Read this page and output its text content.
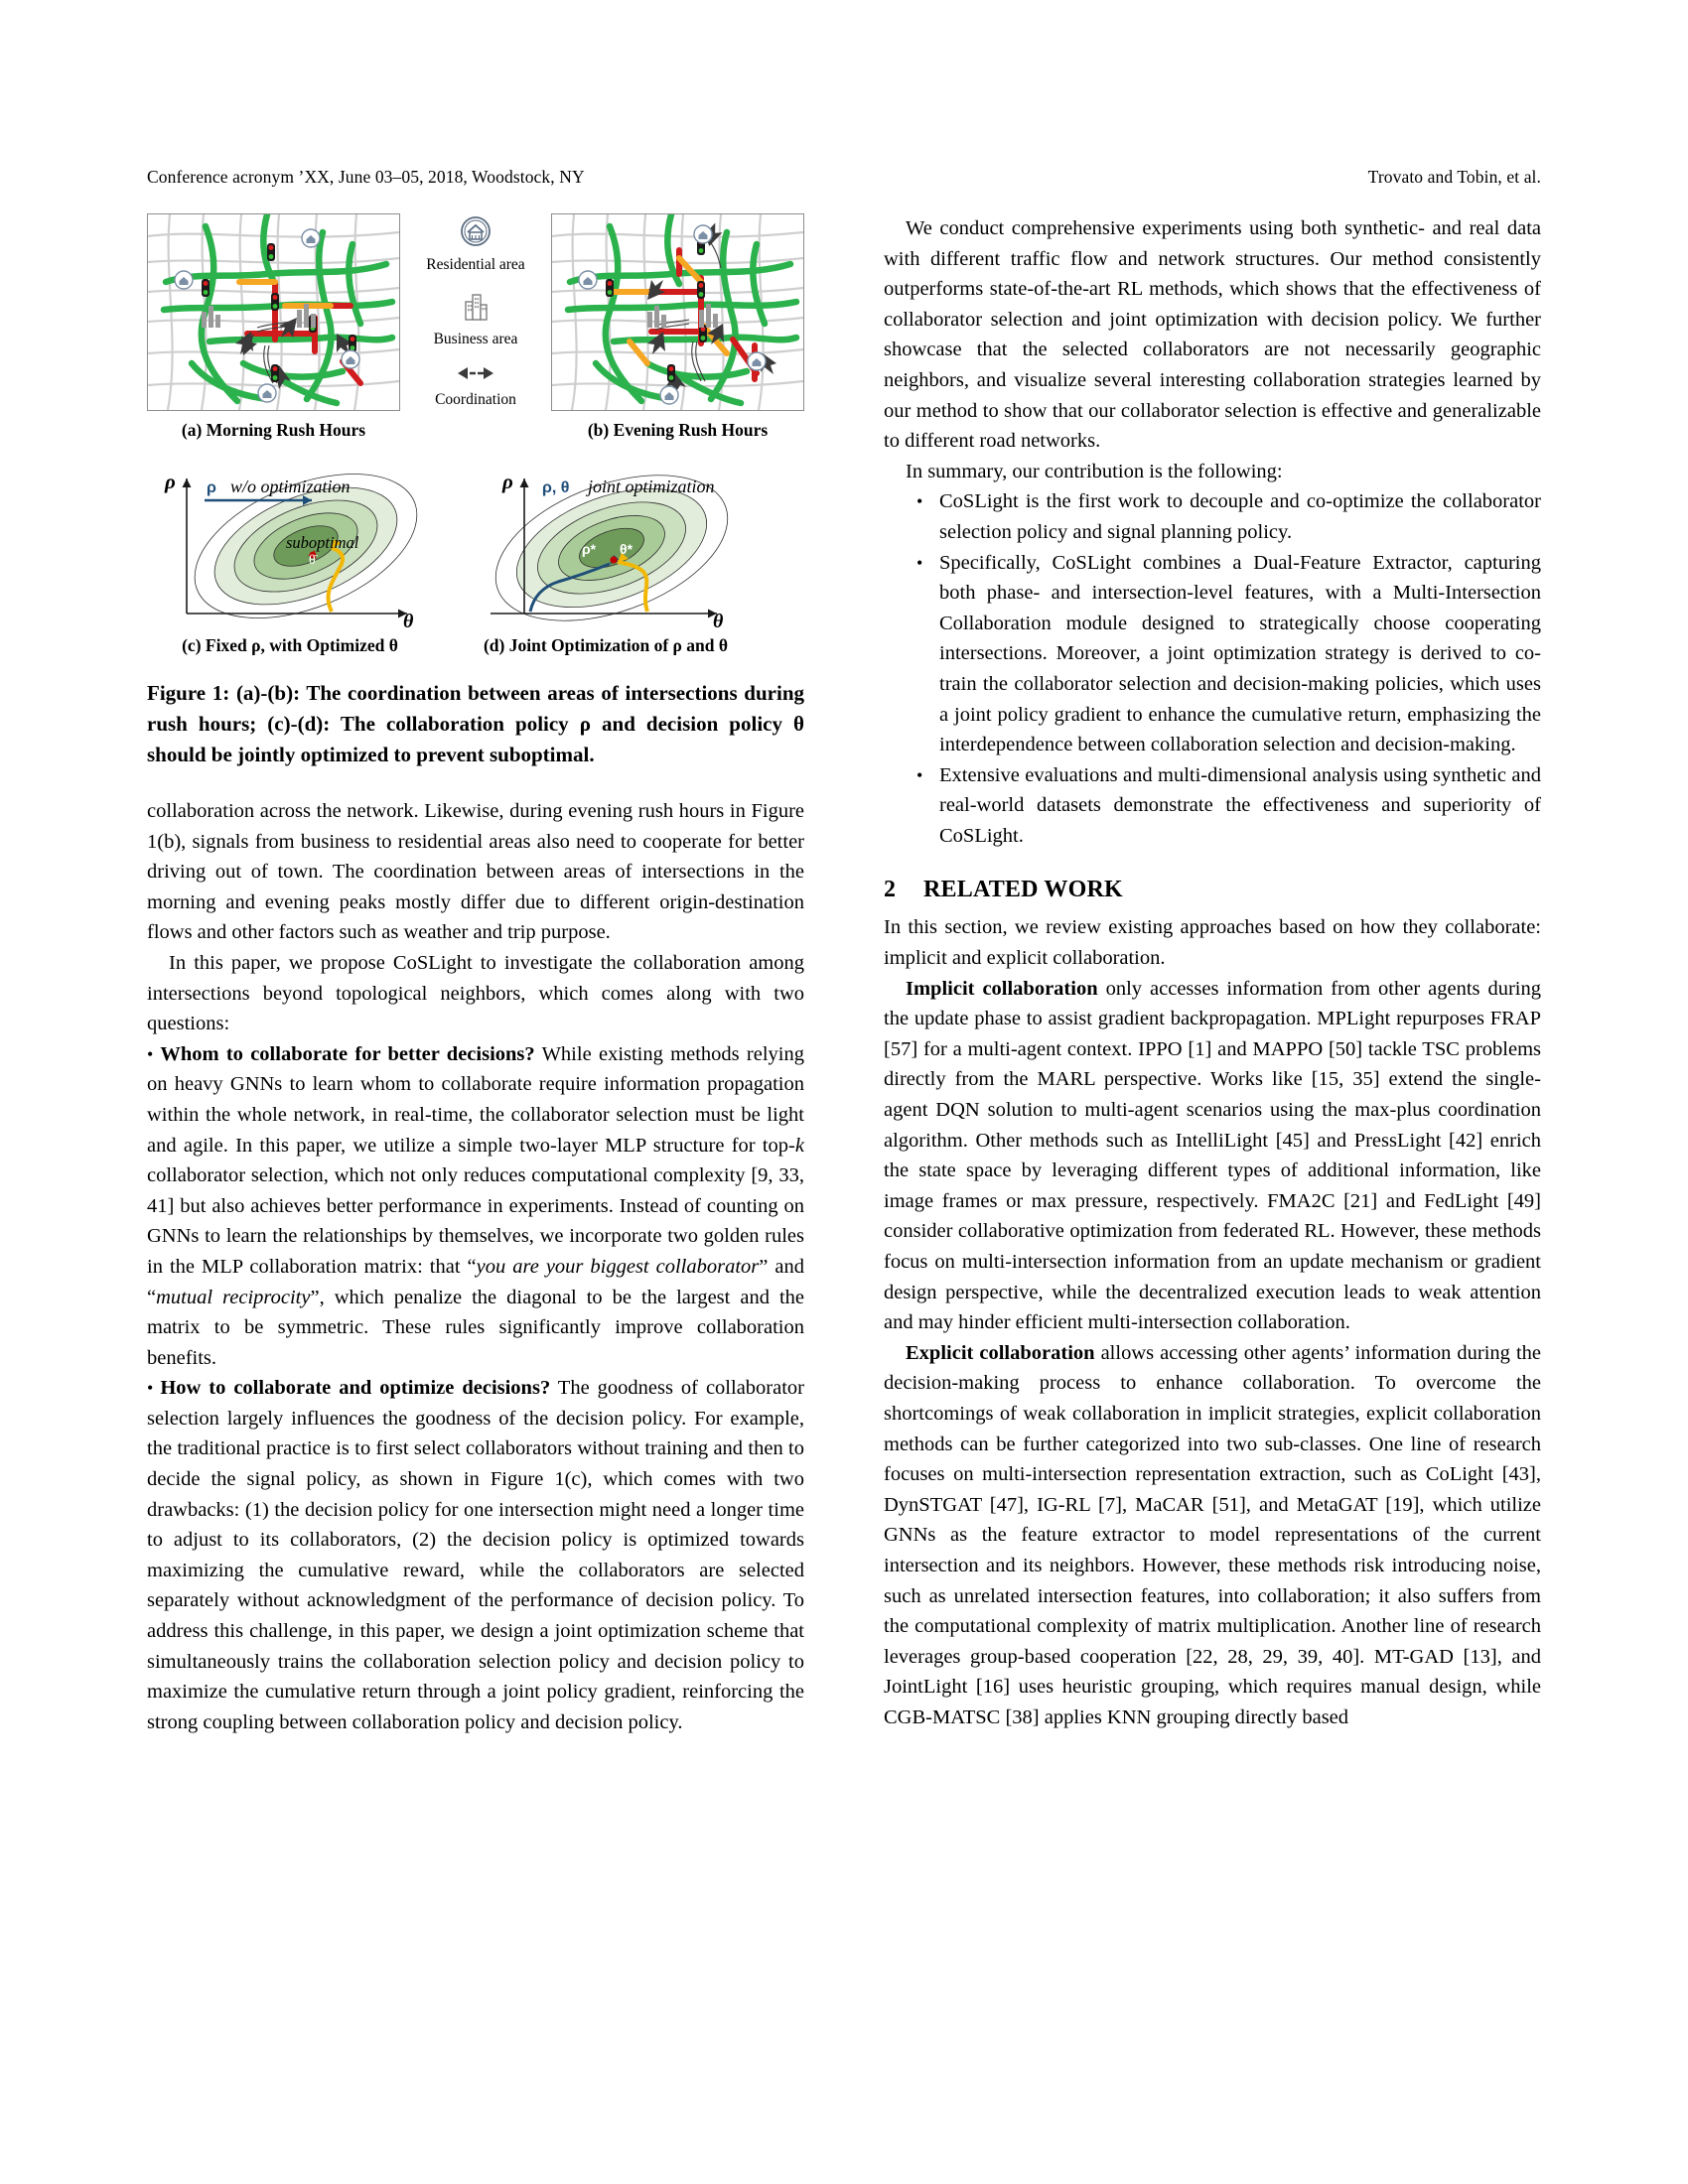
Conference acronym ’XX, June 03–05, 2018, Woodstock, NY	Trovato and Tobin, et al.
(a) Morning Rush Hours
Residential area
Business area
Coordination
(b) Evening Rush Hours
ρ ρ w/o optimization
suboptimal
θ̄
θ
(c) Fixed ρ, with Optimized θ
ρ ρ, θ joint optimization
ρ* θ*
θ
(d) Joint Optimization of ρ and θ
Figure 1: (a)-(b): The coordination between areas of intersections during rush hours; (c)-(d): The collaboration policy ρ and decision policy θ should be jointly optimized to prevent suboptimal.

collaboration across the network. Likewise, during evening rush hours in Figure 1(b), signals from business to residential areas also need to cooperate for better driving out of town. The coordination between areas of intersections in the morning and evening peaks mostly differ due to different origin-destination flows and other factors such as weather and trip purpose.

In this paper, we propose CoSLight to investigate the collaboration among intersections beyond topological neighbors, which comes along with two questions:

• Whom to collaborate for better decisions? While existing methods relying on heavy GNNs to learn whom to collaborate require information propagation within the whole network, in real-time, the collaborator selection must be light and agile. In this paper, we utilize a simple two-layer MLP structure for top-k collaborator selection, which not only reduces computational complexity [9, 33, 41] but also achieves better performance in experiments. Instead of counting on GNNs to learn the relationships by themselves, we incorporate two golden rules in the MLP collaboration matrix: that “you are your biggest collaborator” and “mutual reciprocity”, which penalize the diagonal to be the largest and the matrix to be symmetric. These rules significantly improve collaboration benefits.

• How to collaborate and optimize decisions? The goodness of collaborator selection largely influences the goodness of the decision policy. For example, the traditional practice is to first select collaborators without training and then to decide the signal policy, as shown in Figure 1(c), which comes with two drawbacks: (1) the decision policy for one intersection might need a longer time to adjust to its collaborators, (2) the decision policy is optimized towards maximizing the cumulative reward, while the collaborators are selected separately without acknowledgment of the performance of decision policy. To address this challenge, in this paper, we design a joint optimization scheme that simultaneously trains the collaboration selection policy and decision policy to maximize the cumulative return through a joint policy gradient, reinforcing the strong coupling between collaboration policy and decision policy.

We conduct comprehensive experiments using both synthetic- and real data with different traffic flow and network structures. Our method consistently outperforms state-of-the-art RL methods, which shows that the effectiveness of collaborator selection and joint optimization with decision policy. We further showcase that the selected collaborators are not necessarily geographic neighbors, and visualize several interesting collaboration strategies learned by our method to show that our collaborator selection is effective and generalizable to different road networks.

In summary, our contribution is the following:

• CoSLight is the first work to decouple and co-optimize the collaborator selection policy and signal planning policy.
• Specifically, CoSLight combines a Dual-Feature Extractor, capturing both phase- and intersection-level features, with a Multi-Intersection Collaboration module designed to strategically choose cooperating intersections. Moreover, a joint optimization strategy is derived to co-train the collaborator selection and decision-making policies, which uses a joint policy gradient to enhance the cumulative return, emphasizing the interdependence between collaboration selection and decision-making.
• Extensive evaluations and multi-dimensional analysis using synthetic and real-world datasets demonstrate the effectiveness and superiority of CoSLight.
2 RELATED WORK

In this section, we review existing approaches based on how they collaborate: implicit and explicit collaboration.

Implicit collaboration only accesses information from other agents during the update phase to assist gradient backpropagation. MPLight repurposes FRAP [57] for a multi-agent context. IPPO [1] and MAPPO [50] tackle TSC problems directly from the MARL perspective. Works like [15, 35] extend the single-agent DQN solution to multi-agent scenarios using the max-plus coordination algorithm. Other methods such as IntelliLight [45] and PressLight [42] enrich the state space by leveraging different types of additional information, like image frames or max pressure, respectively. FMA2C [21] and FedLight [49] consider collaborative optimization from federated RL. However, these methods focus on multi-intersection information from an update mechanism or gradient design perspective, while the decentralized execution leads to weak attention and may hinder efficient multi-intersection collaboration.

Explicit collaboration allows accessing other agents’ information during the decision-making process to enhance collaboration. To overcome the shortcomings of weak collaboration in implicit strategies, explicit collaboration methods can be further categorized into two sub-classes. One line of research focuses on multi-intersection representation extraction, such as CoLight [43], DynSTGAT [47], IG-RL [7], MaCAR [51], and MetaGAT [19], which utilize GNNs as the feature extractor to model representations of the current intersection and its neighbors. However, these methods risk introducing noise, such as unrelated intersection features, into collaboration; it also suffers from the computational complexity of matrix multiplication. Another line of research leverages group-based cooperation [22, 28, 29, 39, 40]. MT-GAD [13], and JointLight [16] uses heuristic grouping, which requires manual design, while CGB-MATSC [38] applies KNN grouping directly based
